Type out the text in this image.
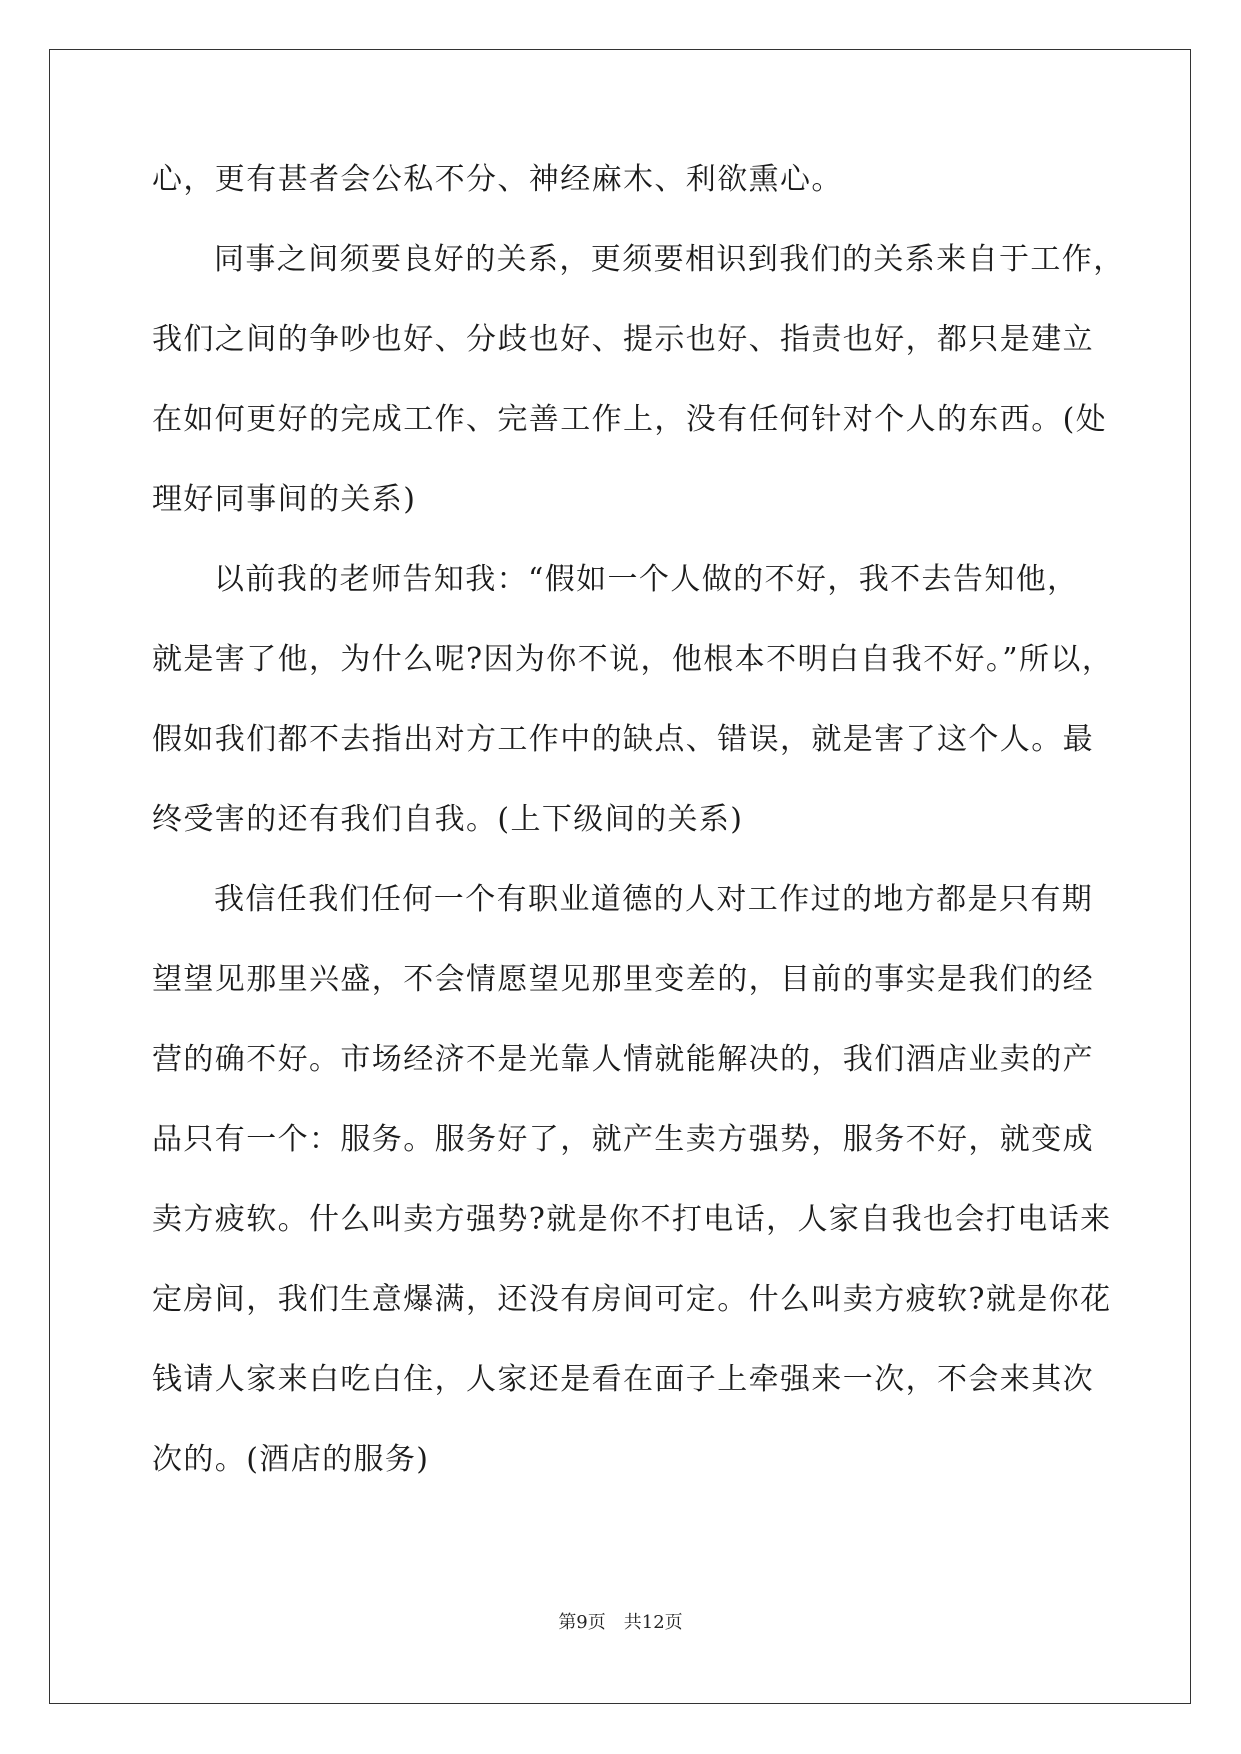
心，更有甚者会公私不分、神经麻木、利欲熏心。
同事之间须要良好的关系，更须要相识到我们的关系来自于工作，
我们之间的争吵也好、分歧也好、提示也好、指责也好，都只是建立
在如何更好的完成工作、完善工作上，没有任何针对个人的东西。(处
理好同事间的关系)
以前我的老师告知我：“假如一个人做的不好，我不去告知他，
就是害了他，为什么呢?因为你不说，他根本不明白自我不好。”所以，
假如我们都不去指出对方工作中的缺点、错误，就是害了这个人。最
终受害的还有我们自我。(上下级间的关系)
我信任我们任何一个有职业道德的人对工作过的地方都是只有期
望望见那里兴盛，不会情愿望见那里变差的，目前的事实是我们的经
营的确不好。市场经济不是光靠人情就能解决的，我们酒店业卖的产
品只有一个：服务。服务好了，就产生卖方强势，服务不好，就变成
卖方疲软。什么叫卖方强势?就是你不打电话，人家自我也会打电话来
定房间，我们生意爆满，还没有房间可定。什么叫卖方疲软?就是你花
钱请人家来白吃白住，人家还是看在面子上牵强来一次，不会来其次
次的。(酒店的服务)
第9页 共12页
